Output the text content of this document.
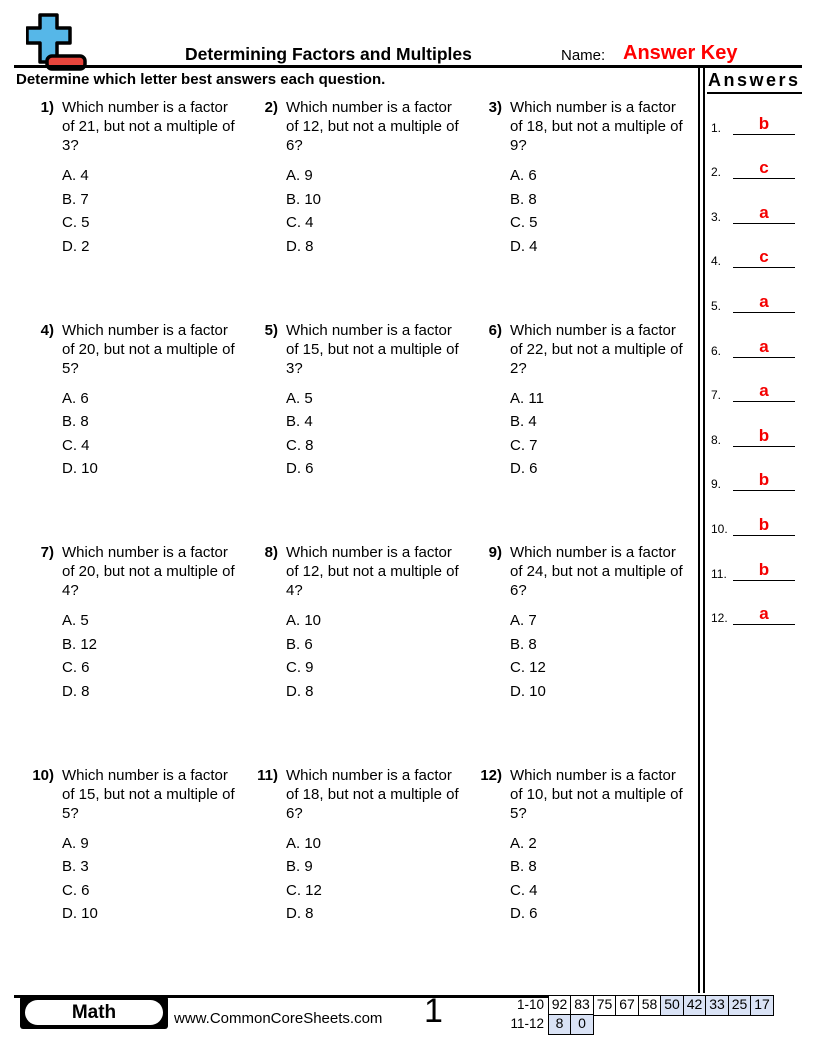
Determining Factors and Multiples	Name: Answer Key
Determine which letter best answers each question.
1) Which number is a factor of 21, but not a multiple of 3?
A. 4
B. 7
C. 5
D. 2
2) Which number is a factor of 12, but not a multiple of 6?
A. 9
B. 10
C. 4
D. 8
3) Which number is a factor of 18, but not a multiple of 9?
A. 6
B. 8
C. 5
D. 4
4) Which number is a factor of 20, but not a multiple of 5?
A. 6
B. 8
C. 4
D. 10
5) Which number is a factor of 15, but not a multiple of 3?
A. 5
B. 4
C. 8
D. 6
6) Which number is a factor of 22, but not a multiple of 2?
A. 11
B. 4
C. 7
D. 6
7) Which number is a factor of 20, but not a multiple of 4?
A. 5
B. 12
C. 6
D. 8
8) Which number is a factor of 12, but not a multiple of 4?
A. 10
B. 6
C. 9
D. 8
9) Which number is a factor of 24, but not a multiple of 6?
A. 7
B. 8
C. 12
D. 10
10) Which number is a factor of 15, but not a multiple of 5?
A. 9
B. 3
C. 6
D. 10
11) Which number is a factor of 18, but not a multiple of 6?
A. 10
B. 9
C. 12
D. 8
12) Which number is a factor of 10, but not a multiple of 5?
A. 2
B. 8
C. 4
D. 6
Answers
1.	b
2.	c
3.	a
4.	c
5.	a
6.	a
7.	a
8.	b
9.	b
10.	b
11.	b
12.	a
Math	www.CommonCoreSheets.com 1	1-10 92 83 75 67 58 50 42 33 25 17
11-12 8	0
